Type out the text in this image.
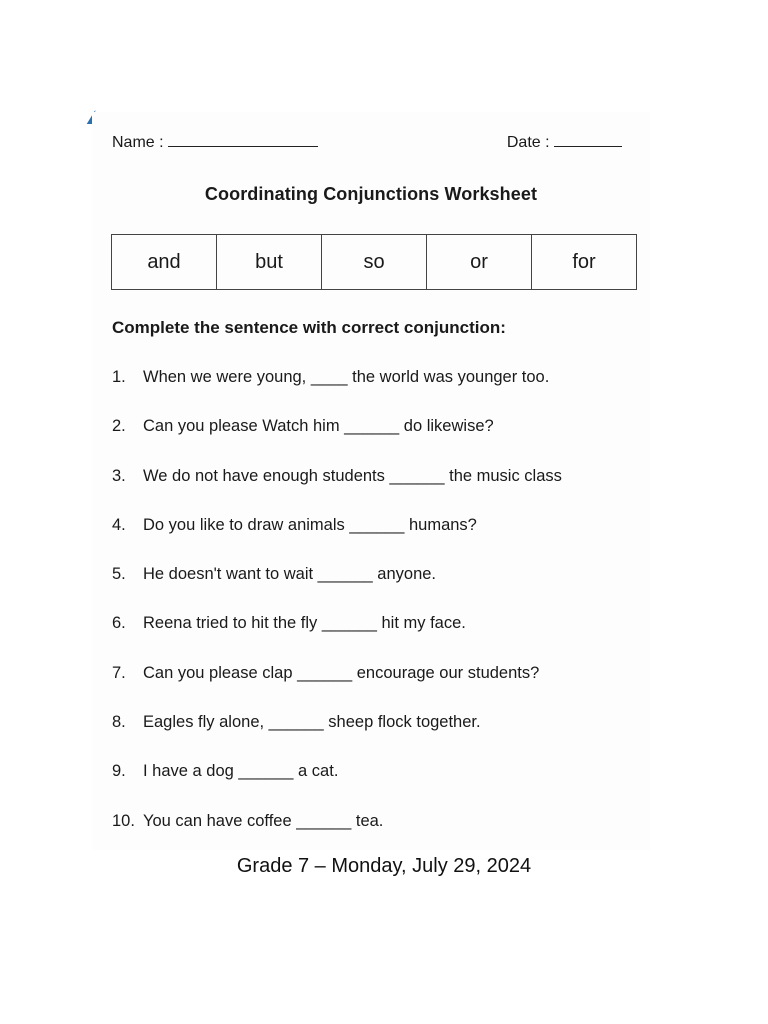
Name :	Date :
Coordinating Conjunctions Worksheet
and	but	so	or	for
Complete the sentence with correct conjunction:
1. When we were young, ____ the world was younger too.
2. Can you please Watch him ______ do likewise?
3. We do not have enough students ______ the music class
4. Do you like to draw animals ______ humans?
5. He doesn't want to wait ______ anyone.
6. Reena tried to hit the fly ______ hit my face.
7. Can you please clap ______ encourage our students?
8. Eagles fly alone, ______ sheep flock together.
9. I have a dog ______ a cat.
10. You can have coffee ______ tea.
Grade 7 – Monday, July 29, 2024
